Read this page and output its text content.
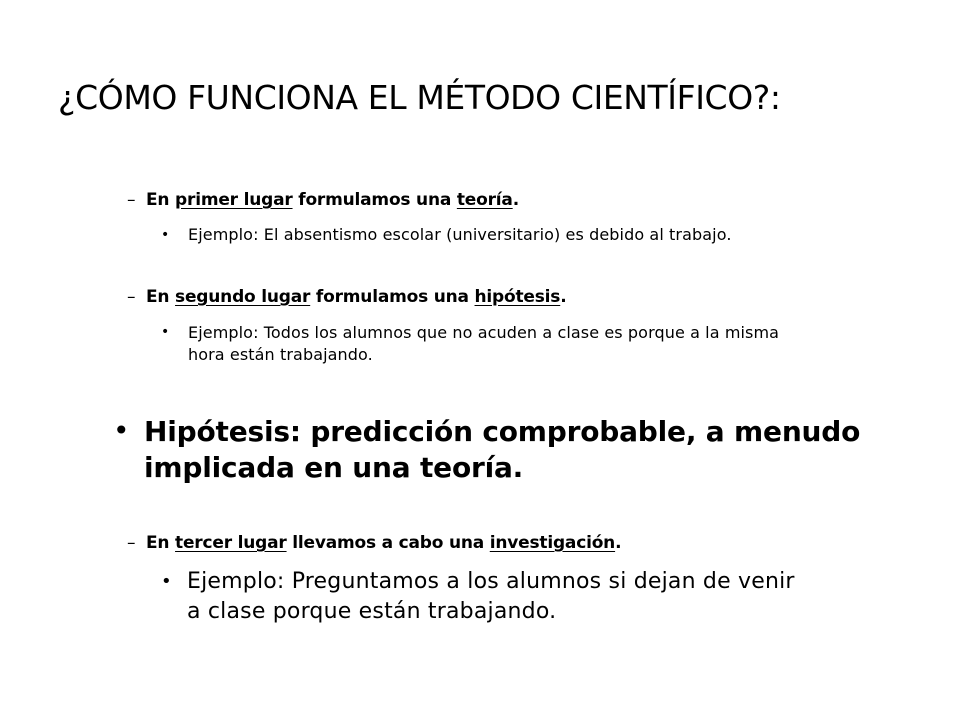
¿CÓMO FUNCIONA EL MÉTODO CIENTÍFICO?:
– En primer lugar formulamos una teoría.
• Ejemplo: El absentismo escolar (universitario) es debido al trabajo.
– En segundo lugar formulamos una hipótesis.
• Ejemplo: Todos los alumnos que no acuden a clase es porque a la misma
hora están trabajando.
• Hipótesis: predicción comprobable, a menudo
implicada en una teoría.
– En tercer lugar llevamos a cabo una investigación.
• Ejemplo: Preguntamos a los alumnos si dejan de venir
a clase porque están trabajando.
